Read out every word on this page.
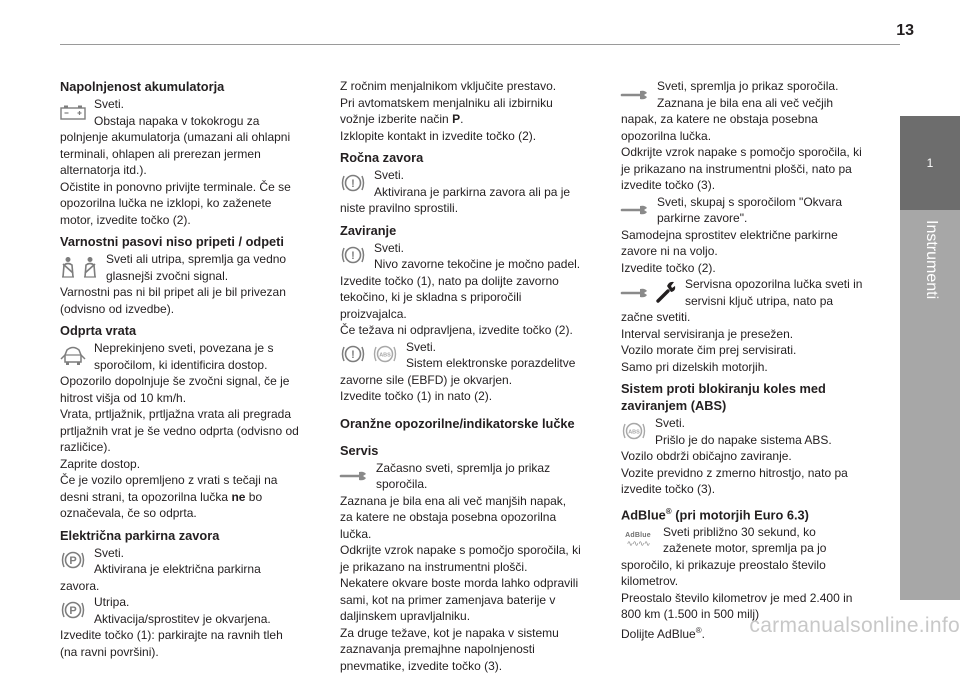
13
1
Instrumenti
Napolnjenost akumulatorja

Sveti.

Obstaja napaka v tokokrogu za polnjenje akumulatorja (umazani ali ohlapni terminali, ohlapen ali prerezan jermen alternatorja itd.).

Očistite in ponovno privijte terminale. Če se opozorilna lučka ne izklopi, ko zaženete motor, izvedite točko (2).

Varnostni pasovi niso pripeti / odpeti

Sveti ali utripa, spremlja ga vedno glasnejši zvočni signal.

Varnostni pas ni bil pripet ali je bil privezan (odvisno od izvedbe).

Odprta vrata

Neprekinjeno sveti, povezana je s sporočilom, ki identificira dostop.

Opozorilo dopolnjuje še zvočni signal, če je hitrost višja od 10 km/h.

Vrata, prtljažnik, prtljažna vrata ali pregrada prtljažnih vrat je še vedno odprta (odvisno od različice).

Zaprite dostop.

Če je vozilo opremljeno z vrati s tečaji na desni strani, ta opozorilna lučka ne bo označevala, če so odprta.

Električna parkirna zavora
P

Sveti.

Aktivirana je električna parkirna zavora.

P

Utripa.

Aktivacija/sprostitev je okvarjena.

Izvedite točko (1): parkirajte na ravnih tleh (na ravni površini).

Z ročnim menjalnikom vključite prestavo.

Pri avtomatskem menjalniku ali izbirniku vožnje izberite način P.

Izklopite kontakt in izvedite točko (2).

Ročna zavora
!

Sveti.

Aktivirana je parkirna zavora ali pa je niste pravilno sprostili.

Zaviranje
!

Sveti.

Nivo zavorne tekočine je močno padel.

Izvedite točko (1), nato pa dolijte zavorno tekočino, ki je skladna s priporočili proizvajalca.

Če težava ni odpravljena, izvedite točko (2).

!	ABS

Sveti.

Sistem elektronske porazdelitve zavorne sile (EBFD) je okvarjen.

Izvedite točko (1) in nato (2).

Oranžne opozorilne/indikatorske lučke
Servis

Začasno sveti, spremlja jo prikaz sporočila.

Zaznana je bila ena ali več manjših napak, za katere ne obstaja posebna opozorilna lučka.

Odkrijte vzrok napake s pomočjo sporočila, ki je prikazano na instrumentni plošči.

Nekatere okvare boste morda lahko odpravili sami, kot na primer zamenjava baterije v daljinskem upravljalniku.

Za druge težave, kot je napaka v sistemu zaznavanja premajhne napolnjenosti pnevmatike, izvedite točko (3).

Sveti, spremlja jo prikaz sporočila.

Zaznana je bila ena ali več večjih napak, za katere ne obstaja posebna opozorilna lučka.

Odkrijte vzrok napake s pomočjo sporočila, ki je prikazano na instrumentni plošči, nato pa izvedite točko (3).

Sveti, skupaj s sporočilom "Okvara parkirne zavore".

Samodejna sprostitev električne parkirne zavore ni na voljo.

Izvedite točko (2).

Servisna opozorilna lučka sveti in servisni ključ utripa, nato pa začne svetiti.

Interval servisiranja je presežen.

Vozilo morate čim prej servisirati.

Samo pri dizelskih motorjih.

Sistem proti blokiranju koles med zaviranjem (ABS)
ABS

Sveti.

Prišlo je do napake sistema ABS.

Vozilo obdrži običajno zaviranje.

Vozite previdno z zmerno hitrostjo, nato pa izvedite točko (3).

AdBlue® (pri motorjih Euro 6.3)
AdBlue
∿∿∿∿

Sveti približno 30 sekund, ko zaženete motor, spremlja pa jo sporočilo, ki prikazuje preostalo število kilometrov.

Preostalo število kilometrov je med 2.400 in 800 km (1.500 in 500 milj)

Dolijte AdBlue®.	carmanualsonline.info
